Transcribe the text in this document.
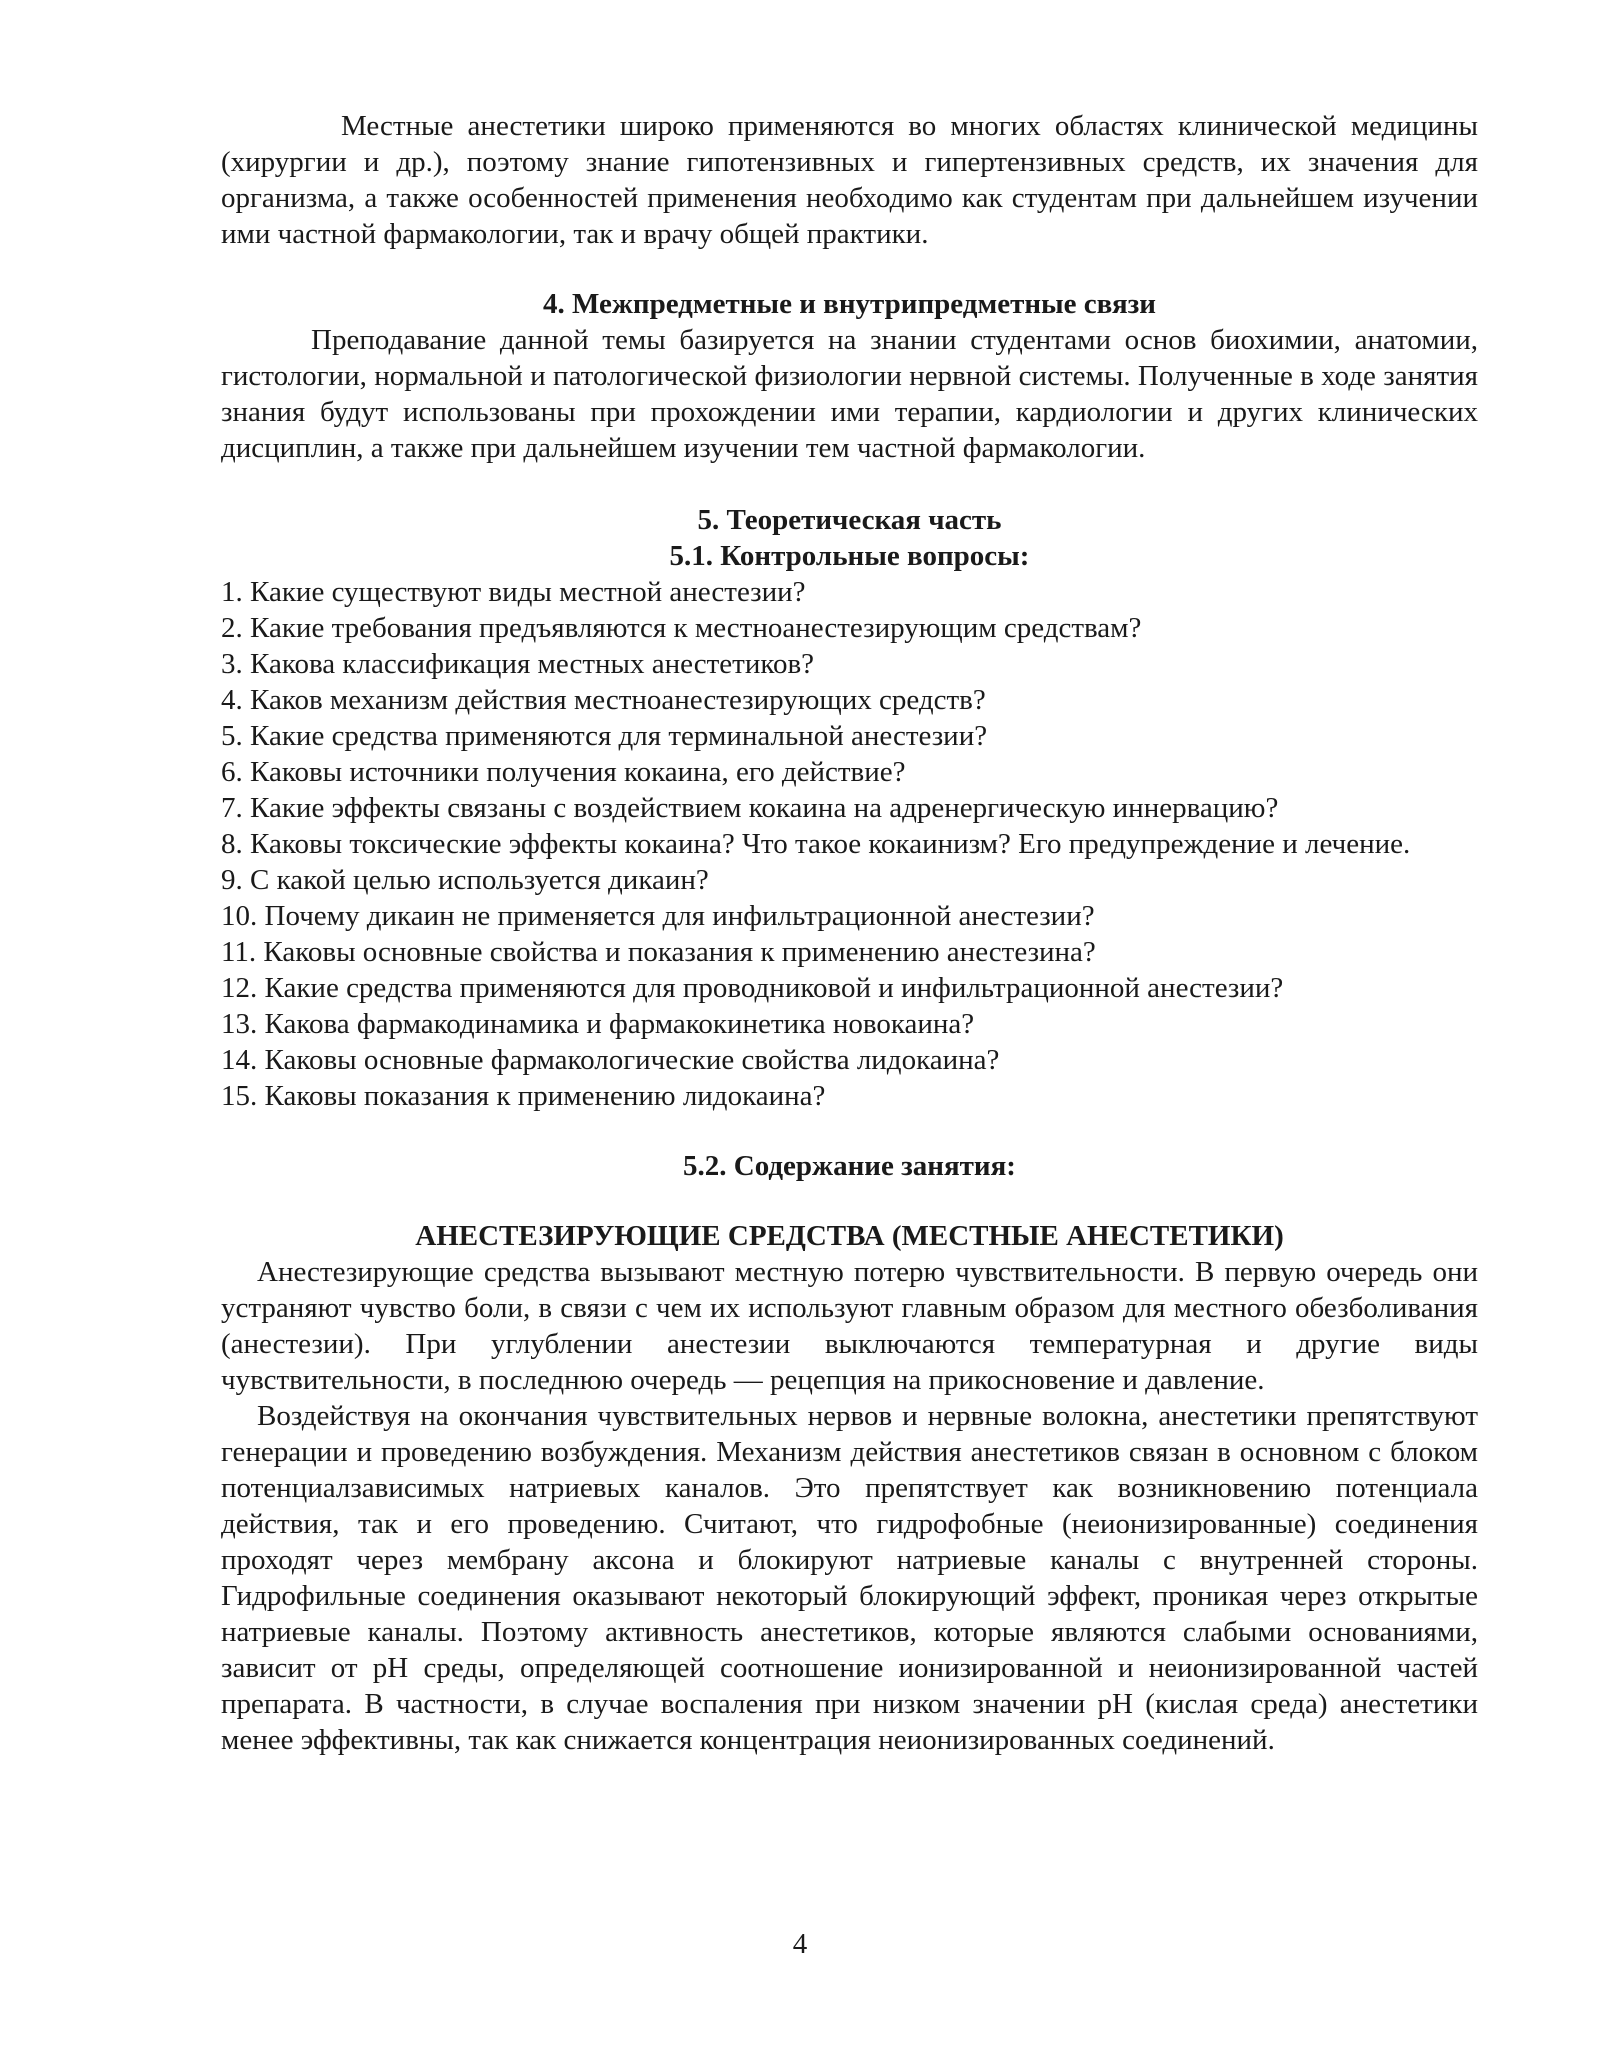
Местные анестетики широко применяются во многих областях клинической медицины (хирургии и др.), поэтому знание гипотензивных и гипертензивных средств, их значения для организма, а также особенностей применения необходимо как студентам при дальнейшем изучении ими частной фармакологии, так и врачу общей практики.

4. Межпредметные и внутрипредметные связи

Преподавание данной темы базируется на знании студентами основ биохимии, анатомии, гистологии, нормальной и патологической физиологии нервной системы. Полученные в ходе занятия знания будут использованы при прохождении ими терапии, кардиологии и других клинических дисциплин, а также при дальнейшем изучении тем частной фармакологии.

5. Теоретическая часть
5.1. Контрольные вопросы:
1. Какие существуют виды местной анестезии?
2. Какие требования предъявляются к местноанестезирующим средствам?
3. Какова классификация местных анестетиков?
4. Каков механизм действия местноанестезирующих средств?
5. Какие средства применяются для терминальной анестезии?
6. Каковы источники получения кокаина, его действие?
7. Какие эффекты связаны с воздействием кокаина на адренергическую иннервацию?
8. Каковы токсические эффекты кокаина? Что такое кокаинизм? Его предупреждение и лечение.
9. С какой целью используется дикаин?
10. Почему дикаин не применяется для инфильтрационной анестезии?
11. Каковы основные свойства и показания к применению анестезина?
12. Какие средства применяются для проводниковой и инфильтрационной анестезии?
13. Какова фармакодинамика и фармакокинетика новокаина?
14. Каковы основные фармакологические свойства лидокаина?
15. Каковы показания к применению лидокаина?
5.2. Содержание занятия:
АНЕСТЕЗИРУЮЩИЕ СРЕДСТВА (МЕСТНЫЕ АНЕСТЕТИКИ)

Анестезирующие средства вызывают местную потерю чувствительности. В первую очередь они устраняют чувство боли, в связи с чем их используют главным образом для местного обезболивания (анестезии). При углублении анестезии выключаются температурная и другие виды чувствительности, в последнюю очередь — рецепция на прикосновение и давление.

Воздействуя на окончания чувствительных нервов и нервные волокна, анестетики препятствуют генерации и проведению возбуждения. Механизм действия анестетиков связан в основном с блоком потенциалзависимых натриевых каналов. Это препятствует как возникновению потенциала действия, так и его проведению. Считают, что гидрофобные (неионизированные) соединения проходят через мембрану аксона и блокируют натриевые каналы с внутренней стороны. Гидрофильные соединения оказывают некоторый блокирующий эффект, проникая через открытые натриевые каналы. Поэтому активность анестетиков, которые являются слабыми основаниями, зависит от pH среды, определяющей соотношение ионизированной и неионизированной частей препарата. В частности, в случае воспаления при низком значении pH (кислая среда) анестетики менее эффективны, так как снижается концентрация неионизированных соединений.

4
